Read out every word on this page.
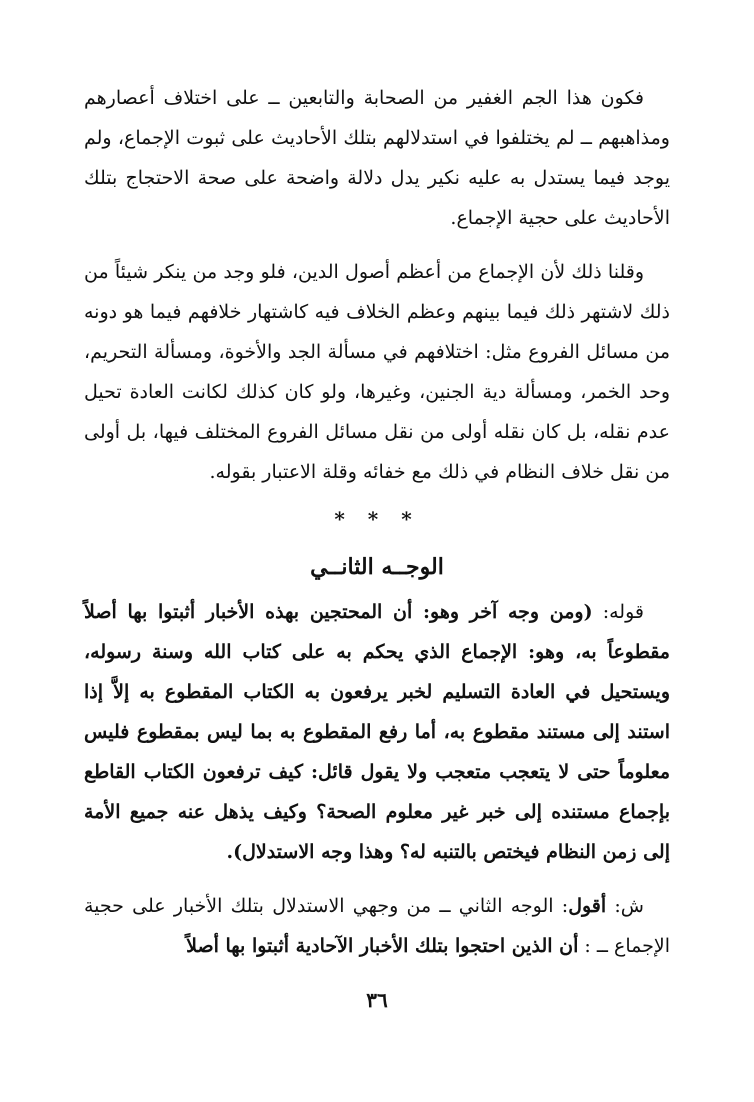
فكون هذا الجم الغفير من الصحابة والتابعين ــ على اختلاف أعصارهم ومذاهبهم ــ لم يختلفوا في استدلالهم بتلك الأحاديث على ثبوت الإجماع، ولم يوجد فيما يستدل به عليه نكير يدل دلالة واضحة على صحة الاحتجاج بتلك الأحاديث على حجية الإجماع.

وقلنا ذلك لأن الإجماع من أعظم أصول الدين، فلو وجد من ينكر شيئاً من ذلك لاشتهر ذلك فيما بينهم وعظم الخلاف فيه كاشتهار خلافهم فيما هو دونه من مسائل الفروع مثل: اختلافهم في مسألة الجد والأخوة، ومسألة التحريم، وحد الخمر، ومسألة دية الجنين، وغيرها، ولو كان كذلك لكانت العادة تحيل عدم نقله، بل كان نقله أولى من نقل مسائل الفروع المختلف فيها، بل أولى من نقل خلاف النظام في ذلك مع خفائه وقلة الاعتبار بقوله.

* * *
الوجــه الثانــي

قوله: (ومن وجه آخر وهو: أن المحتجين بهذه الأخبار أثبتوا بها أصلاً مقطوعاً به، وهو: الإجماع الذي يحكم به على كتاب الله وسنة رسوله، ويستحيل في العادة التسليم لخبر يرفعون به الكتاب المقطوع به إلاَّ إذا استند إلى مستند مقطوع به، أما رفع المقطوع به بما ليس بمقطوع فليس معلوماً حتى لا يتعجب متعجب ولا يقول قائل: كيف ترفعون الكتاب القاطع بإجماع مستنده إلى خبر غير معلوم الصحة؟ وكيف يذهل عنه جميع الأمة إلى زمن النظام فيختص بالتنبه له؟ وهذا وجه الاستدلال).

ش: أقول: الوجه الثاني ــ من وجهي الاستدلال بتلك الأخبار على حجية الإجماع ــ : أن الذين احتجوا بتلك الأخبار الآحادية أثبتوا بها أصلاً

٣٦
